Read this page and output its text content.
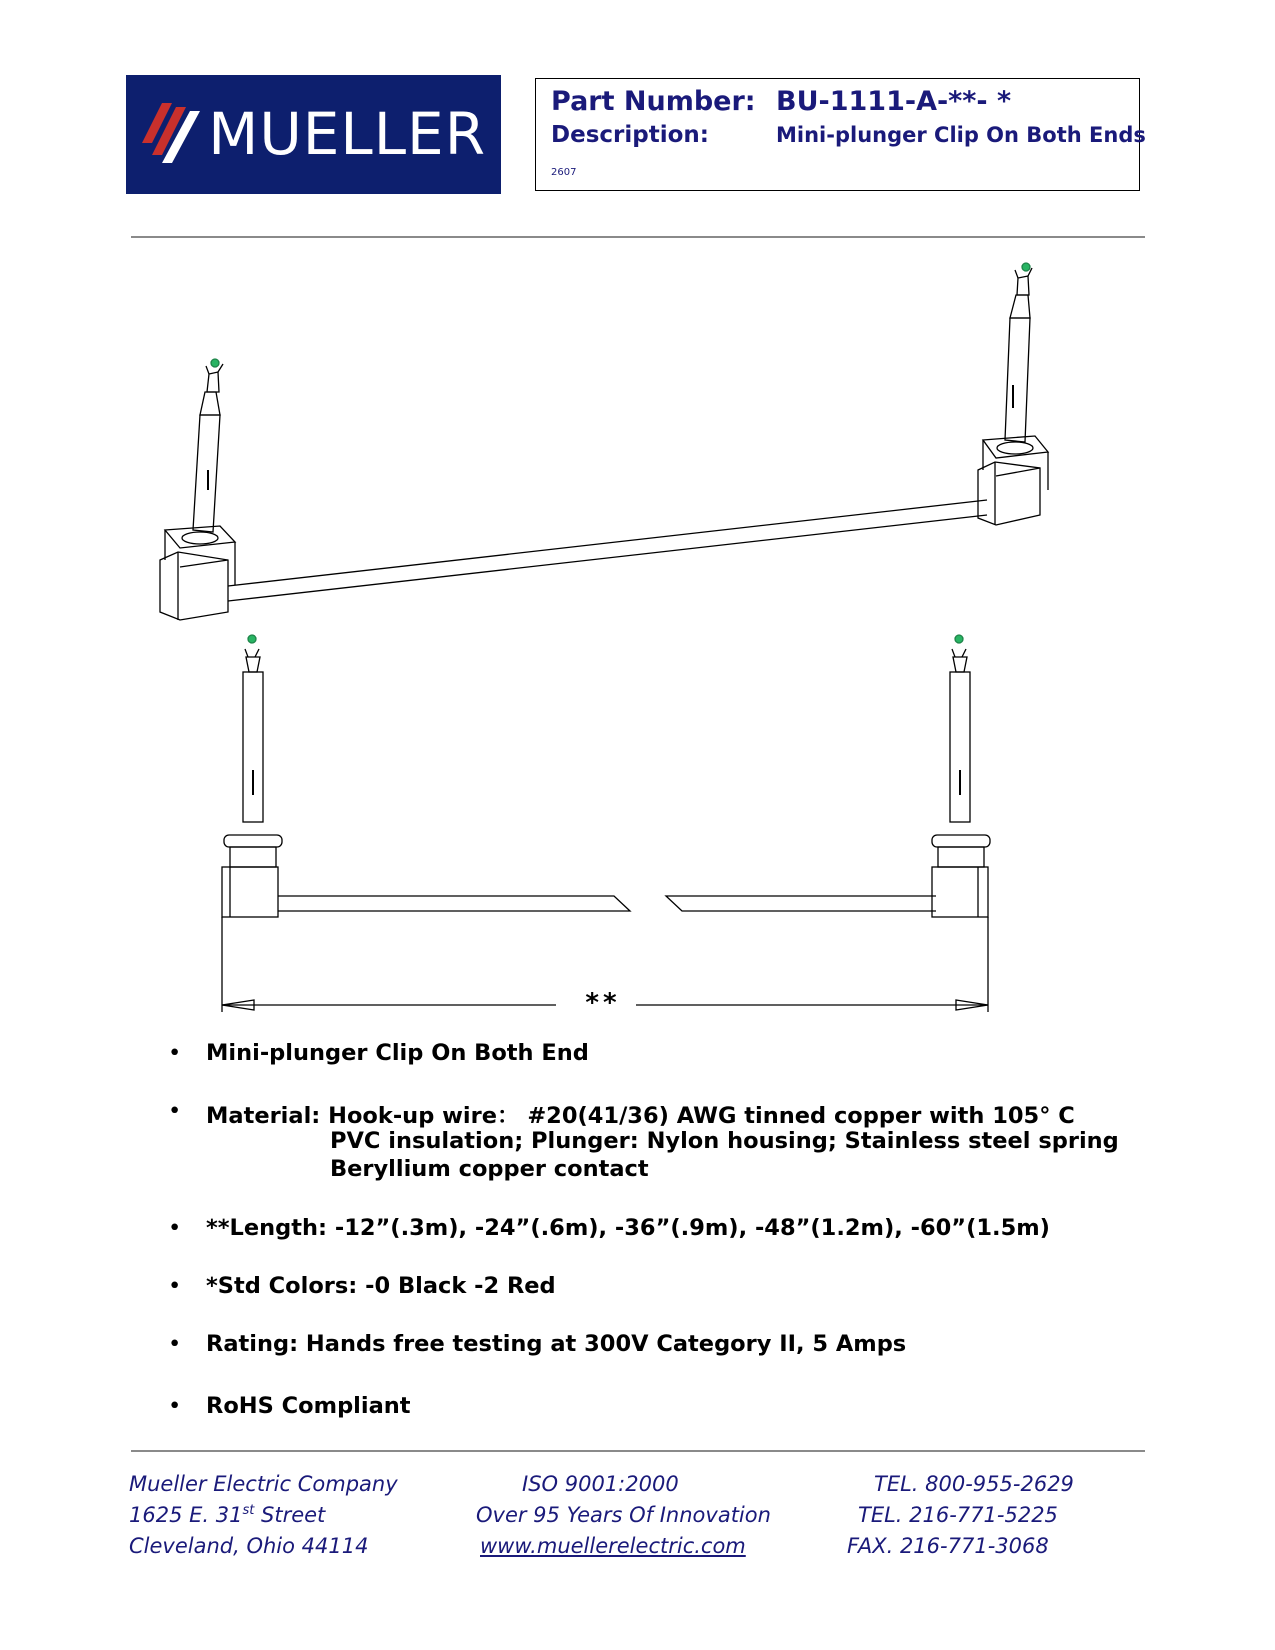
MUELLER Part Number: BU-1111-A-**- *
Description:	Mini-plunger Clip On Both Ends
2607
**
• Mini-plunger Clip On Both End
• Material: Hook-up wire： #20(41/36) AWG tinned copper with 105° C
PVC insulation; Plunger: Nylon housing; Stainless steel spring
Beryllium copper contact
• **Length: -12”(.3m), -24”(.6m), -36”(.9m), -48”(1.2m), -60”(1.5m)
• *Std Colors: -0 Black -2 Red
• Rating: Hands free testing at 300V Category II, 5 Amps
• RoHS Compliant
Mueller Electric Company
1625 E. 31st Street
Cleveland, Ohio 44114
ISO 9001:2000
Over 95 Years Of Innovation
www.muellerelectric.com
TEL. 800-955-2629
TEL. 216-771-5225
FAX. 216-771-3068
